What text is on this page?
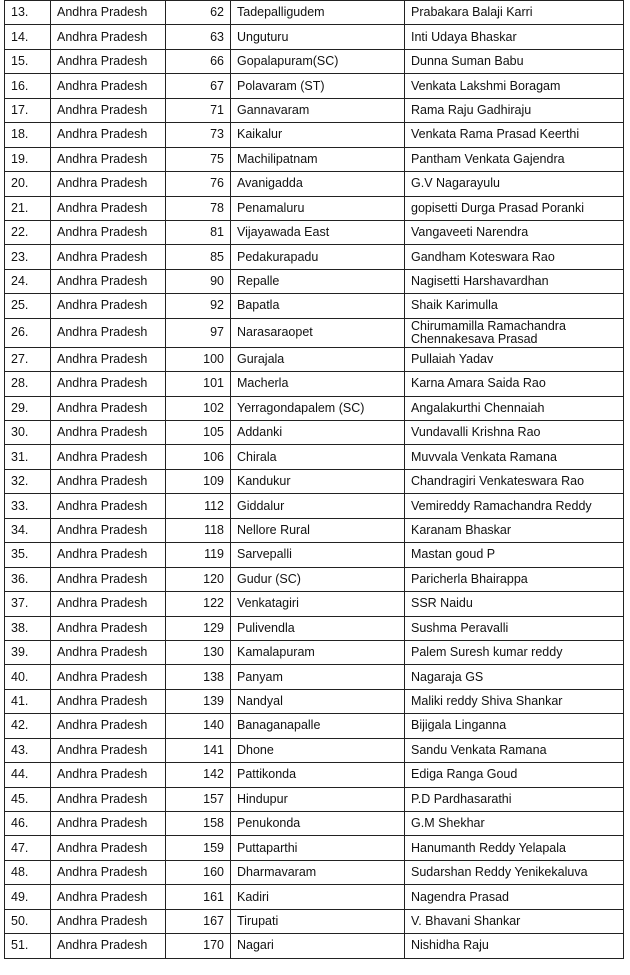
13.	Andhra Pradesh	62	Tadepalligudem	Prabakara Balaji Karri
14.	Andhra Pradesh	63	Unguturu	Inti Udaya Bhaskar
15.	Andhra Pradesh	66	Gopalapuram(SC)	Dunna Suman Babu
16.	Andhra Pradesh	67	Polavaram (ST)	Venkata Lakshmi Boragam
17.	Andhra Pradesh	71	Gannavaram	Rama Raju Gadhiraju
18.	Andhra Pradesh	73	Kaikalur	Venkata Rama Prasad Keerthi
19.	Andhra Pradesh	75	Machilipatnam	Pantham Venkata Gajendra
20.	Andhra Pradesh	76	Avanigadda	G.V Nagarayulu
21.	Andhra Pradesh	78	Penamaluru	gopisetti Durga Prasad Poranki
22.	Andhra Pradesh	81	Vijayawada East	Vangaveeti Narendra
23.	Andhra Pradesh	85	Pedakurapadu	Gandham Koteswara Rao
24.	Andhra Pradesh	90	Repalle	Nagisetti Harshavardhan
25.	Andhra Pradesh	92	Bapatla	Shaik Karimulla
26.	Andhra Pradesh	97	Narasaraopet	Chirumamilla Ramachandra Chennakesava Prasad
27.	Andhra Pradesh	100	Gurajala	Pullaiah Yadav
28.	Andhra Pradesh	101	Macherla	Karna Amara Saida Rao
29.	Andhra Pradesh	102	Yerragondapalem (SC)	Angalakurthi Chennaiah
30.	Andhra Pradesh	105	Addanki	Vundavalli Krishna Rao
31.	Andhra Pradesh	106	Chirala	Muvvala Venkata Ramana
32.	Andhra Pradesh	109	Kandukur	Chandragiri Venkateswara Rao
33.	Andhra Pradesh	112	Giddalur	Vemireddy Ramachandra Reddy
34.	Andhra Pradesh	118	Nellore Rural	Karanam Bhaskar
35.	Andhra Pradesh	119	Sarvepalli	Mastan goud P
36.	Andhra Pradesh	120	Gudur (SC)	Paricherla Bhairappa
37.	Andhra Pradesh	122	Venkatagiri	SSR Naidu
38.	Andhra Pradesh	129	Pulivendla	Sushma Peravalli
39.	Andhra Pradesh	130	Kamalapuram	Palem Suresh kumar reddy
40.	Andhra Pradesh	138	Panyam	Nagaraja GS
41.	Andhra Pradesh	139	Nandyal	Maliki reddy Shiva Shankar
42.	Andhra Pradesh	140	Banaganapalle	Bijigala Linganna
43.	Andhra Pradesh	141	Dhone	Sandu Venkata Ramana
44.	Andhra Pradesh	142	Pattikonda	Ediga Ranga Goud
45.	Andhra Pradesh	157	Hindupur	P.D Pardhasarathi
46.	Andhra Pradesh	158	Penukonda	G.M Shekhar
47.	Andhra Pradesh	159	Puttaparthi	Hanumanth Reddy Yelapala
48.	Andhra Pradesh	160	Dharmavaram	Sudarshan Reddy Yenikekaluva
49.	Andhra Pradesh	161	Kadiri	Nagendra Prasad
50.	Andhra Pradesh	167	Tirupati	V. Bhavani Shankar
51.	Andhra Pradesh	170	Nagari	Nishidha Raju
